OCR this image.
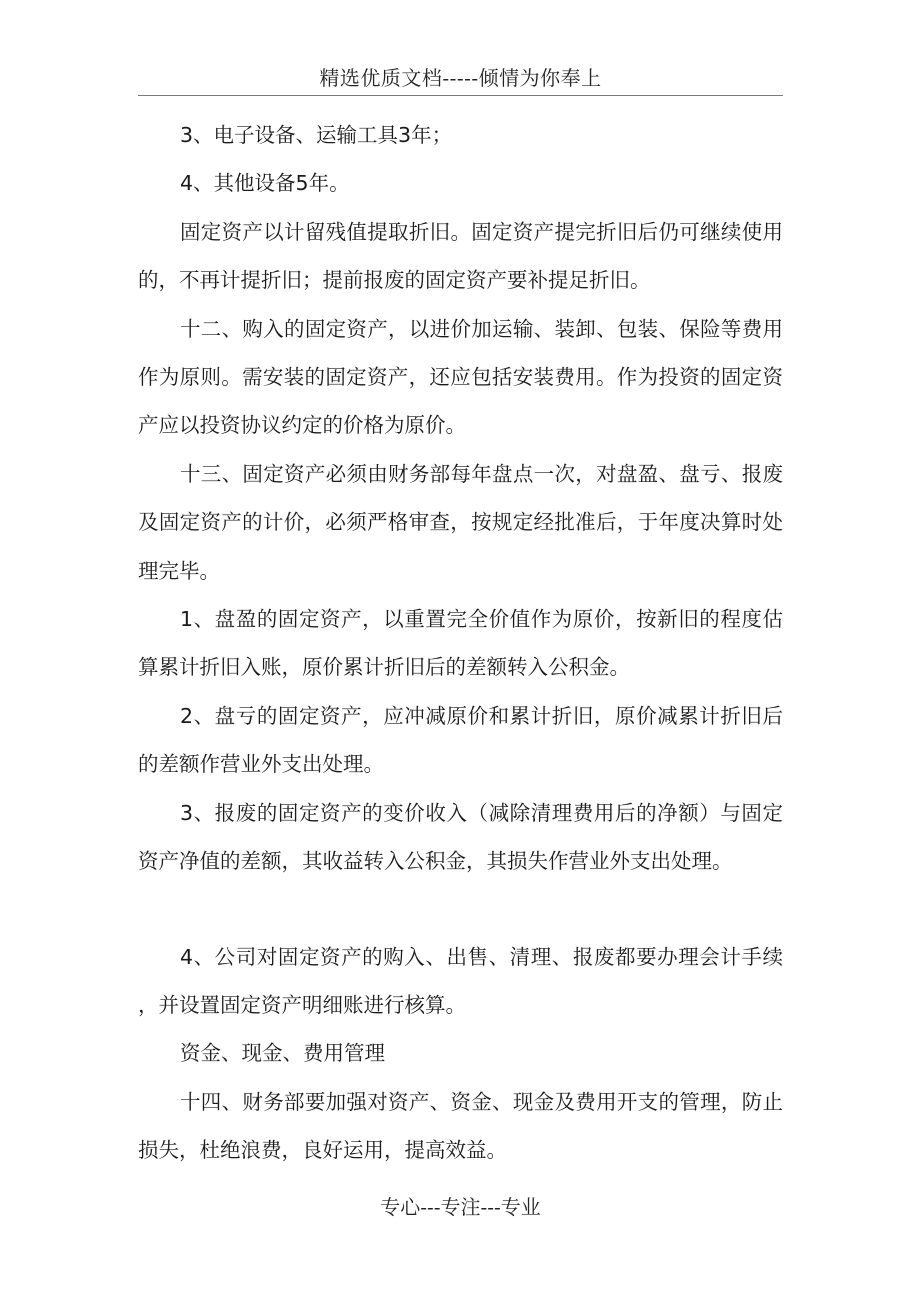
精选优质文档-----倾情为你奉上

3、电子设备、运输工具3年；

4、其他设备5年。

固定资产以计留残值提取折旧。固定资产提完折旧后仍可继续使用的，不再计提折旧；提前报废的固定资产要补提足折旧。

十二、购入的固定资产，以进价加运输、装卸、包装、保险等费用作为原则。需安装的固定资产，还应包括安装费用。作为投资的固定资产应以投资协议约定的价格为原价。

十三、固定资产必须由财务部每年盘点一次，对盘盈、盘亏、报废及固定资产的计价，必须严格审查，按规定经批准后，于年度决算时处理完毕。

1、盘盈的固定资产，以重置完全价值作为原价，按新旧的程度估算累计折旧入账，原价累计折旧后的差额转入公积金。

2、盘亏的固定资产，应冲减原价和累计折旧，原价减累计折旧后的差额作营业外支出处理。

3、报废的固定资产的变价收入（减除清理费用后的净额）与固定资产净值的差额，其收益转入公积金，其损失作营业外支出处理。

4、公司对固定资产的购入、出售、清理、报废都要办理会计手续，并设置固定资产明细账进行核算。

资金、现金、费用管理

十四、财务部要加强对资产、资金、现金及费用开支的管理，防止损失，杜绝浪费，良好运用，提高效益。

专心---专注---专业
